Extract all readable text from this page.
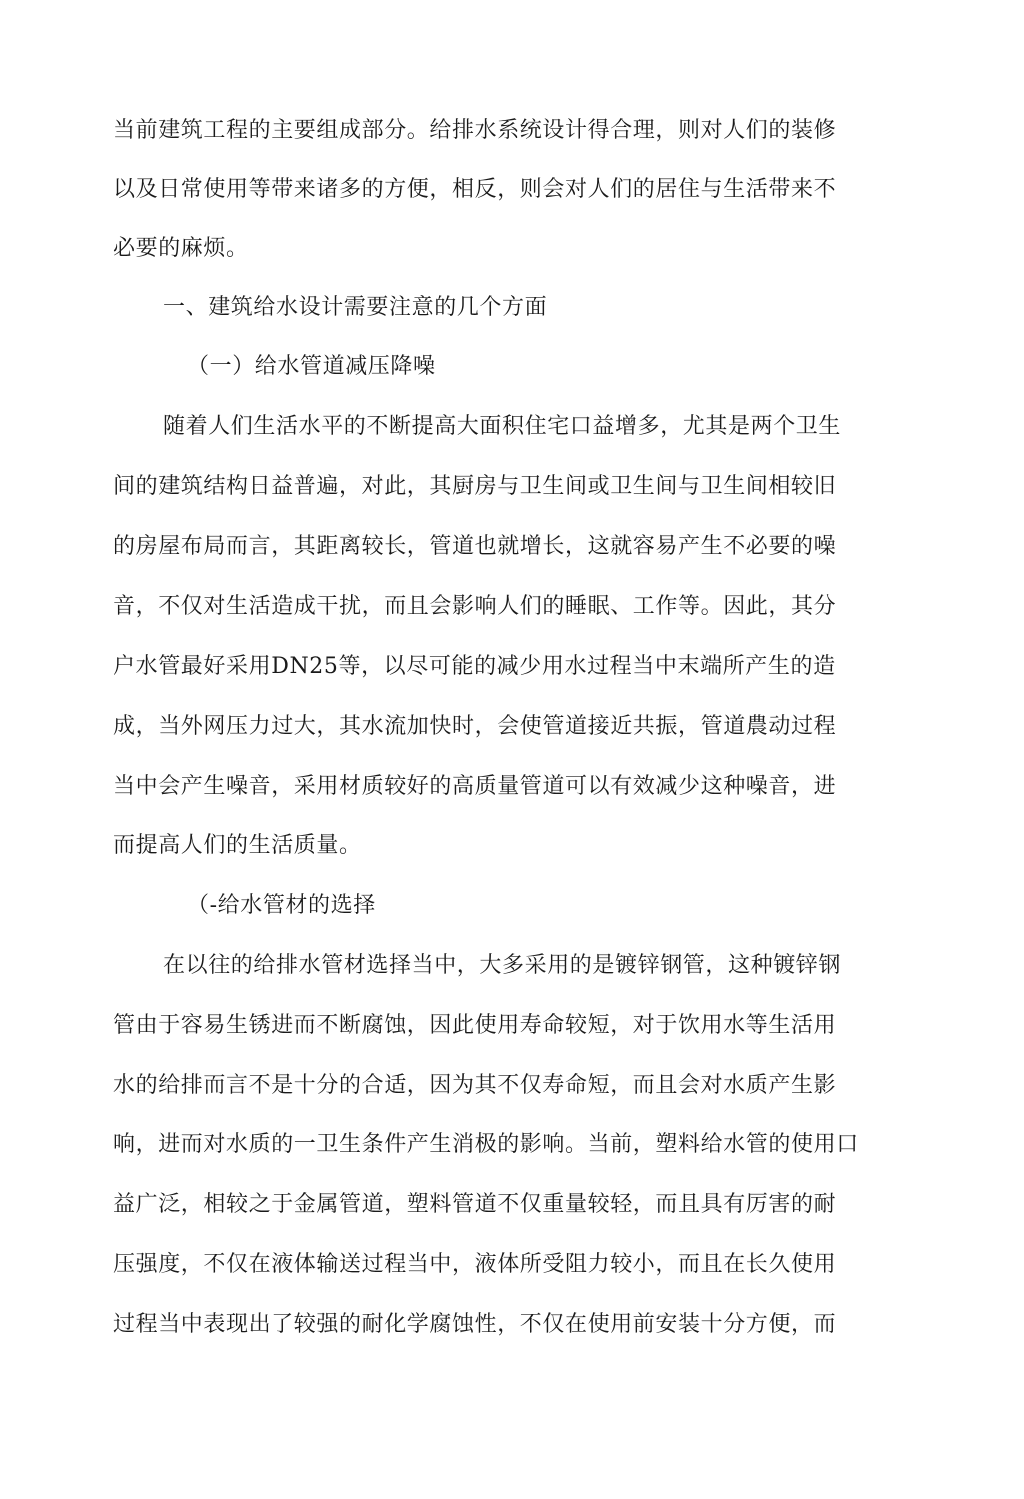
当前建筑工程的主要组成部分。给排水系统设计得合理，则对人们的装修
以及日常使用等带来诸多的方便，相反，则会对人们的居住与生活带来不
必要的麻烦。
一、建筑给水设计需要注意的几个方面
（一）给水管道减压降噪
随着人们生活水平的不断提高大面积住宅口益增多，尤其是两个卫生
间的建筑结构日益普遍，对此，其厨房与卫生间或卫生间与卫生间相较旧
的房屋布局而言，其距离较长，管道也就增长，这就容易产生不必要的噪
音，不仅对生活造成干扰，而且会影响人们的睡眠、工作等。因此，其分
户水管最好采用DN25等，以尽可能的减少用水过程当中末端所产生的造
成，当外网压力过大，其水流加快时，会使管道接近共振，管道農动过程
当中会产生噪音，采用材质较好的高质量管道可以有效减少这种噪音，进
而提高人们的生活质量。
（-给水管材的选择
在以往的给排水管材选择当中，大多采用的是镀锌钢管，这种镀锌钢
管由于容易生锈进而不断腐蚀，因此使用寿命较短，对于饮用水等生活用
水的给排而言不是十分的合适，因为其不仅寿命短，而且会对水质产生影
响，进而对水质的一卫生条件产生消极的影响。当前，塑料给水管的使用口
益广泛，相较之于金属管道，塑料管道不仅重量较轻，而且具有厉害的耐
压强度，不仅在液体输送过程当中，液体所受阻力较小，而且在长久使用
过程当中表现出了较强的耐化学腐蚀性，不仅在使用前安装十分方便，而
